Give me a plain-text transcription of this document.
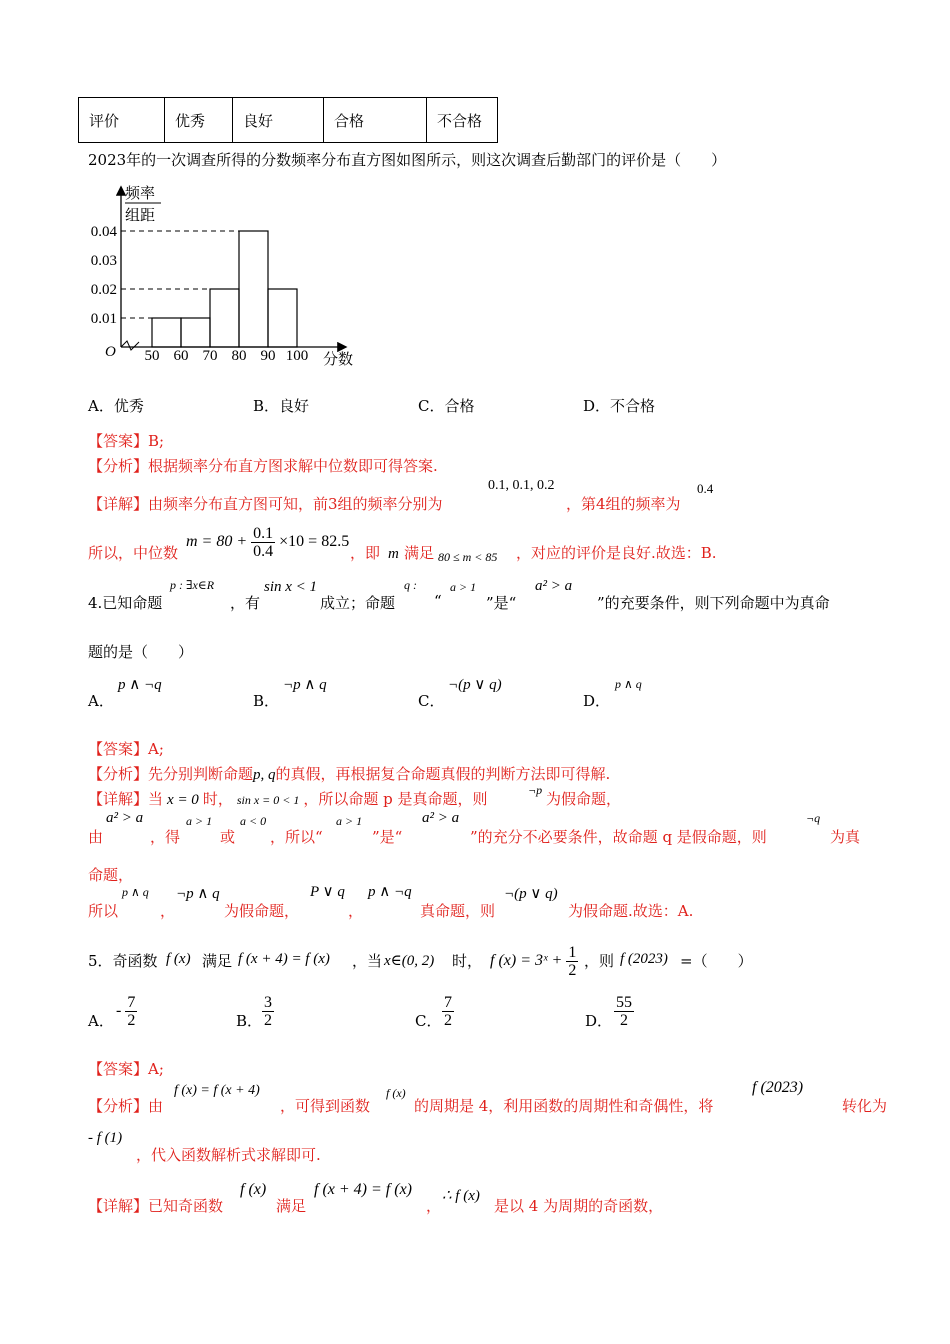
评价	优秀	良好	合格	不合格
2023年的一次调查所得的分数频率分布直方图如图所示，则这次调查后勤部门的评价是（　　）
频率
组距
O	分数
0.01
0.02
0.03
0.04
50 60 70 80 90 100
A．优秀	B．良好	C．合格	D．不合格
【答案】B;
【分析】根据频率分布直方图求解中位数即可得答案.
【详解】由频率分布直方图可知，前3组的频率分别为
0.1, 0.1, 0.2
，第4组的频率为
0.4
所以，中位数
$m = 80 + \frac{0.1}{0.4} \times 10 = 82.5$
，即 m 满足 80 ≤ m < 85 ，对应的评价是良好.故选：B.
4.已知命题
p : ∃x∈R
，有
sin x < 1
成立；命题
q :
“
a > 1
”是“
a² > a
”的充要条件，则下列命题中为真命
题的是（　　）
A．
p ∧ ¬q
B．
¬p ∧ q
C．
¬(p ∨ q)
D．
p ∧ q
【答案】A;
【分析】先分别判断命题p, q的真假，再根据复合命题真假的判断方法即可得解.
【详解】当 x = 0 时， sin x = 0 < 1 ，所以命题 p 是真命题，则	¬p 为假命题，
由
a² > a
，得
a > 1
或
a < 0
，所以“
a > 1
”是“
a² > a
”的充分不必要条件，故命题 q 是假命题，则
¬q
为真
命题，
所以
p ∧ q
，
¬p ∧ q
为假命题，
P ∨ q
，
p ∧ ¬q
真命题，则
¬(p ∨ q)
为假命题.故选：A.
5．奇函数 f (x) 满足 f (x + 4) = f (x) ，当 x∈(0, 2) 时， f (x) = 3ˣ + $\frac{1}{2}$ ，则 f (2023) =（　　）
A．
- $\frac{7}{2}$	B． $\frac{3}{2}$	C． $\frac{7}{2}$	D． $\frac{55}{2}$
【答案】A;
【分析】由
f (x) = f (x + 4)
，可得到函数
f (x)
的周期是 4，利用函数的周期性和奇偶性，将
f (2023)
转化为
- f (1)
，代入函数解析式求解即可.
【详解】已知奇函数
f (x)
满足
f (x + 4) = f (x)
，
∴ f (x)
是以 4 为周期的奇函数，
